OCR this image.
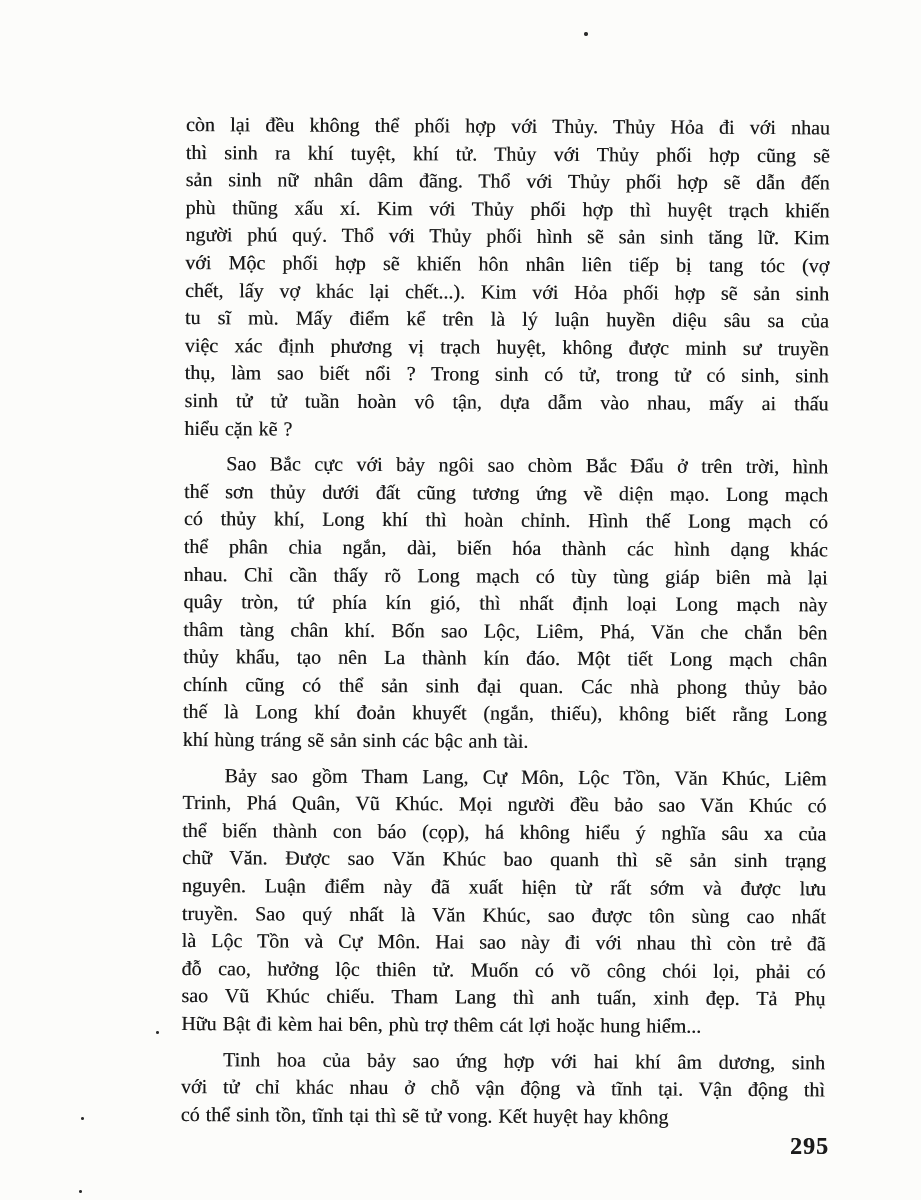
còn lại đều không thể phối hợp với Thủy. Thủy Hỏa đi với nhau
thì sinh ra khí tuyệt, khí tử. Thủy với Thủy phối hợp cũng sẽ
sản sinh nữ nhân dâm đãng. Thổ với Thủy phối hợp sẽ dẫn đến
phù thũng xấu xí. Kim với Thủy phối hợp thì huyệt trạch khiến
người phú quý. Thổ với Thủy phối hình sẽ sản sinh tăng lữ. Kim
với Mộc phối hợp sẽ khiến hôn nhân liên tiếp bị tang tóc (vợ
chết, lấy vợ khác lại chết...). Kim với Hỏa phối hợp sẽ sản sinh
tu sĩ mù. Mấy điểm kể trên là lý luận huyền diệu sâu sa của
việc xác định phương vị trạch huyệt, không được minh sư truyền
thụ, làm sao biết nổi ? Trong sinh có tử, trong tử có sinh, sinh
sinh tử tử tuần hoàn vô tận, dựa dẫm vào nhau, mấy ai thấu
hiểu cặn kẽ ?
Sao Bắc cực với bảy ngôi sao chòm Bắc Đẩu ở trên trời, hình
thế sơn thủy dưới đất cũng tương ứng về diện mạo. Long mạch
có thủy khí, Long khí thì hoàn chỉnh. Hình thế Long mạch có
thể phân chia ngắn, dài, biến hóa thành các hình dạng khác
nhau. Chỉ cần thấy rõ Long mạch có tùy tùng giáp biên mà lại
quây tròn, tứ phía kín gió, thì nhất định loại Long mạch này
thâm tàng chân khí. Bốn sao Lộc, Liêm, Phá, Văn che chắn bên
thủy khẩu, tạo nên La thành kín đáo. Một tiết Long mạch chân
chính cũng có thể sản sinh đại quan. Các nhà phong thủy bảo
thế là Long khí đoản khuyết (ngắn, thiếu), không biết rằng Long
khí hùng tráng sẽ sản sinh các bậc anh tài.
Bảy sao gồm Tham Lang, Cự Môn, Lộc Tồn, Văn Khúc, Liêm
Trinh, Phá Quân, Vũ Khúc. Mọi người đều bảo sao Văn Khúc có
thể biến thành con báo (cọp), há không hiểu ý nghĩa sâu xa của
chữ Văn. Được sao Văn Khúc bao quanh thì sẽ sản sinh trạng
nguyên. Luận điểm này đã xuất hiện từ rất sớm và được lưu
truyền. Sao quý nhất là Văn Khúc, sao được tôn sùng cao nhất
là Lộc Tồn và Cự Môn. Hai sao này đi với nhau thì còn trẻ đã
đỗ cao, hưởng lộc thiên tử. Muốn có võ công chói lọi, phải có
sao Vũ Khúc chiếu. Tham Lang thì anh tuấn, xinh đẹp. Tả Phụ
Hữu Bật đi kèm hai bên, phù trợ thêm cát lợi hoặc hung hiểm...
Tinh hoa của bảy sao ứng hợp với hai khí âm dương, sinh
với tử chỉ khác nhau ở chỗ vận động và tĩnh tại. Vận động thì
có thể sinh tồn, tĩnh tại thì sẽ tử vong. Kết huyệt hay không
295
